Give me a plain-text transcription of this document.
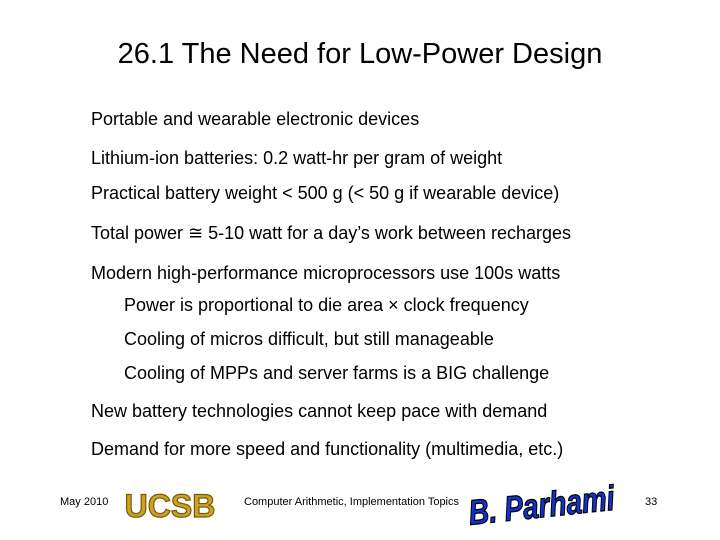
26.1 The Need for Low-Power Design
Portable and wearable electronic devices
Lithium-ion batteries: 0.2 watt-hr per gram of weight
Practical battery weight < 500 g (< 50 g if wearable device)
Total power ≅ 5-10 watt for a day’s work between recharges
Modern high-performance microprocessors use 100s watts
Power is proportional to die area × clock frequency
Cooling of micros difficult, but still manageable
Cooling of MPPs and server farms is a BIG challenge
New battery technologies cannot keep pace with demand
Demand for more speed and functionality (multimedia, etc.)
May 2010 UCSB	Computer Arithmetic, Implementation Topics B. Parhami	33
